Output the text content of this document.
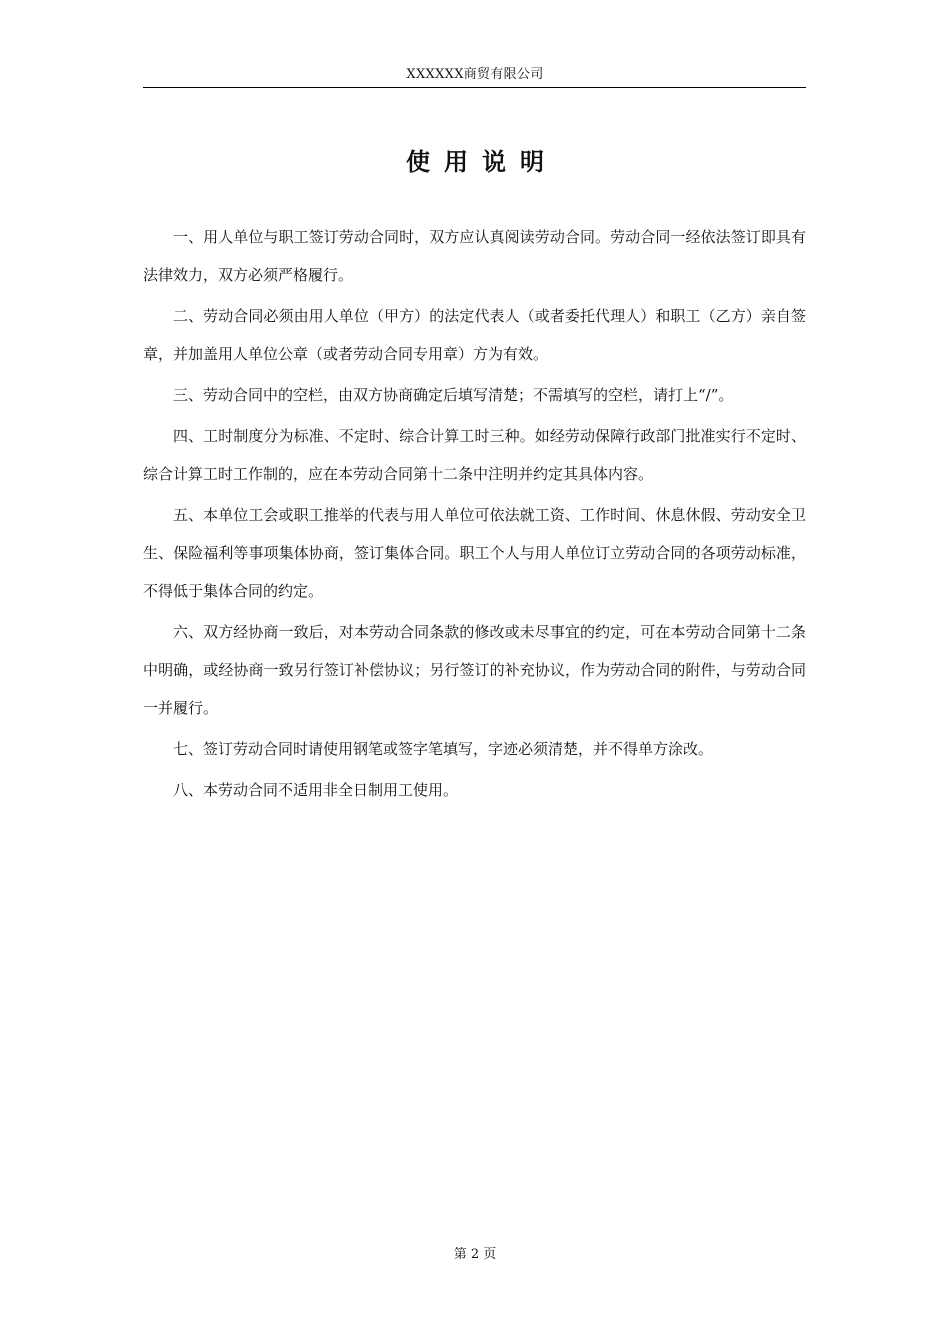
XXXXXX商贸有限公司
使用说明

一、用人单位与职工签订劳动合同时，双方应认真阅读劳动合同。劳动合同一经依法签订即具有法律效力，双方必须严格履行。

二、劳动合同必须由用人单位（甲方）的法定代表人（或者委托代理人）和职工（乙方）亲自签章，并加盖用人单位公章（或者劳动合同专用章）方为有效。

三、劳动合同中的空栏，由双方协商确定后填写清楚；不需填写的空栏，请打上“/”。

四、工时制度分为标准、不定时、综合计算工时三种。如经劳动保障行政部门批准实行不定时、综合计算工时工作制的，应在本劳动合同第十二条中注明并约定其具体内容。

五、本单位工会或职工推举的代表与用人单位可依法就工资、工作时间、休息休假、劳动安全卫生、保险福利等事项集体协商，签订集体合同。职工个人与用人单位订立劳动合同的各项劳动标准，不得低于集体合同的约定。

六、双方经协商一致后，对本劳动合同条款的修改或未尽事宜的约定，可在本劳动合同第十二条中明确，或经协商一致另行签订补偿协议；另行签订的补充协议，作为劳动合同的附件，与劳动合同一并履行。

七、签订劳动合同时请使用钢笔或签字笔填写，字迹必须清楚，并不得单方涂改。

八、本劳动合同不适用非全日制用工使用。

第 2 页
